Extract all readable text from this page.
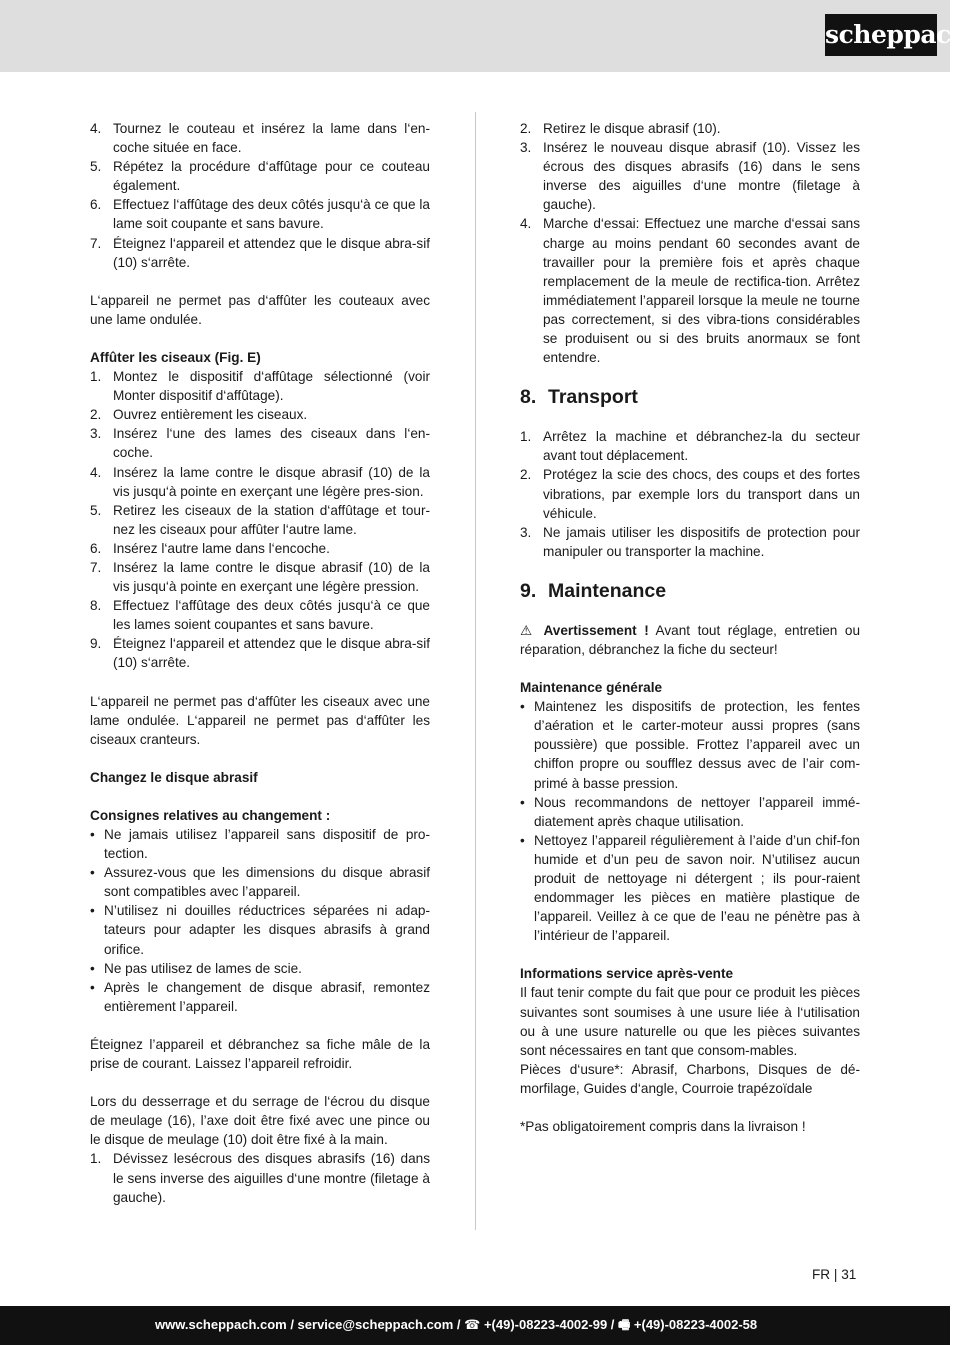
scheppach
4. Tournez le couteau et insérez la lame dans l‘en-coche située en face.
5. Répétez la procédure d‘affûtage pour ce couteau également.
6. Effectuez l‘affûtage des deux côtés jusqu‘à ce que la lame soit coupante et sans bavure.
7. Éteignez l‘appareil et attendez que le disque abra-sif (10) s‘arrête.

L‘appareil ne permet pas d‘affûter les couteaux avec une lame ondulée.

Affûter les ciseaux (Fig. E)

1. Montez le dispositif d‘affûtage sélectionné (voir Monter dispositif d‘affûtage).
2. Ouvrez entièrement les ciseaux.
3. Insérez l‘une des lames des ciseaux dans l‘en-coche.
4. Insérez la lame contre le disque abrasif (10) de la vis jusqu‘à pointe en exerçant une légère pres-sion.
5. Retirez les ciseaux de la station d‘affûtage et tour-nez les ciseaux pour affûter l‘autre lame.
6. Insérez l‘autre lame dans l‘encoche.
7. Insérez la lame contre le disque abrasif (10) de la vis jusqu‘à pointe en exerçant une légère pression.
8. Effectuez l‘affûtage des deux côtés jusqu‘à ce que les lames soient coupantes et sans bavure.
9. Éteignez l‘appareil et attendez que le disque abra-sif (10) s‘arrête.

L‘appareil ne permet pas d‘affûter les ciseaux avec une lame ondulée. L‘appareil ne permet pas d‘affûter les ciseaux cranteurs.

Changez le disque abrasif

Consignes relatives au changement :

• Ne jamais utilisez l’appareil sans dispositif de pro-tection.
• Assurez-vous que les dimensions du disque abrasif sont compatibles avec l’appareil.
• N’utilisez ni douilles réductrices séparées ni adap-tateurs pour adapter les disques abrasifs à grand orifice.
• Ne pas utilisez de lames de scie.
• Après le changement de disque abrasif, remontez entièrement l’appareil.

Éteignez l’appareil et débranchez sa fiche mâle de la prise de courant. Laissez l’appareil refroidir.

Lors du desserrage et du serrage de l‘écrou du disque de meulage (16), l’axe doit être fixé avec une pince ou le disque de meulage (10) doit être fixé à la main.

1. Dévissez lesécrous des disques abrasifs (16) dans le sens inverse des aiguilles d‘une montre (filetage à gauche).
2. Retirez le disque abrasif (10).
3. Insérez le nouveau disque abrasif (10). Vissez les écrous des disques abrasifs (16) dans le sens inverse des aiguilles d‘une montre (filetage à gauche).
4. Marche d‘essai: Effectuez une marche d‘essai sans charge au moins pendant 60 secondes avant de travailler pour la première fois et après chaque remplacement de la meule de rectifica-tion. Arrêtez immédiatement l’appareil lorsque la meule ne tourne pas correctement, si des vibra-tions considérables se produisent ou si des bruits anormaux se font entendre.

8. Transport

1. Arrêtez la machine et débranchez-la du secteur avant tout déplacement.
2. Protégez la scie des chocs, des coups et des fortes vibrations, par exemple lors du transport dans un véhicule.
3. Ne jamais utiliser les dispositifs de protection pour manipuler ou transporter la machine.

9. Maintenance

⚠ Avertissement ! Avant tout réglage, entretien ou réparation, débranchez la fiche du secteur!

Maintenance générale

• Maintenez les dispositifs de protection, les fentes d’aération et le carter-moteur aussi propres (sans poussière) que possible. Frottez l’appareil avec un chiffon propre ou soufflez dessus avec de l’air com-primé à basse pression.
• Nous recommandons de nettoyer l’appareil immé-diatement après chaque utilisation.
• Nettoyez l’appareil régulièrement à l’aide d’un chif-fon humide et d’un peu de savon noir. N’utilisez aucun produit de nettoyage ni détergent ; ils pour-raient endommager les pièces en matière plastique de l’appareil. Veillez à ce que de l’eau ne pénètre pas à l’intérieur de l’appareil.

Informations service après-vente

Il faut tenir compte du fait que pour ce produit les pièces suivantes sont soumises à une usure liée à l‘utilisation ou à une usure naturelle ou que les pièces suivantes sont nécessaires en tant que consom-mables.

Pièces d‘usure*: Abrasif, Charbons, Disques de dé-morfilage, Guides d‘angle, Courroie trapézoïdale

*Pas obligatoirement compris dans la livraison !

FR | 31
www.scheppach.com / service@scheppach.com / ☎ +(49)-08223-4002-99 / 🖷 +(49)-08223-4002-58
